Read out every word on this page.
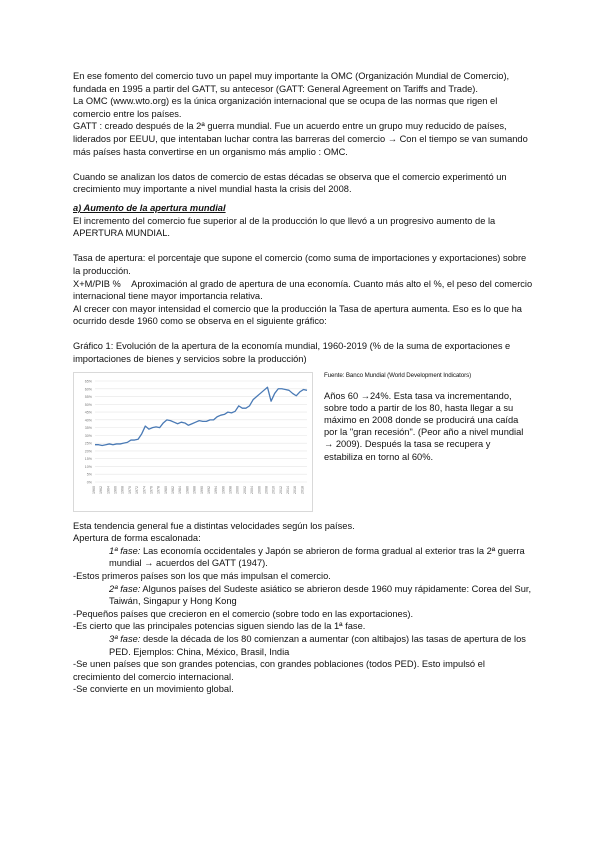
En ese fomento del comercio tuvo un papel muy importante la OMC (Organización Mundial de Comercio), fundada en 1995 a partir del GATT, su antecesor (GATT: General Agreement on Tariffs and Trade).

La OMC (www.wto.org) es la única organización internacional que se ocupa de las normas que rigen el comercio entre los países.

GATT : creado después de la 2ª guerra mundial. Fue un acuerdo entre un grupo muy reducido de países, liderados por EEUU, que intentaban luchar contra las barreras del comercio → Con el tiempo se van sumando más países hasta convertirse en un organismo más amplio : OMC.

Cuando se analizan los datos de comercio de estas décadas se observa que el comercio experimentó un crecimiento muy importante a nivel mundial hasta la crisis del 2008.

a) Aumento de la apertura mundial

El incremento del comercio fue superior al de la producción lo que llevó a un progresivo aumento de la APERTURA MUNDIAL.

Tasa de apertura: el porcentaje que supone el comercio (como suma de importaciones y exportaciones) sobre la producción.

X+M/PIB % Aproximación al grado de apertura de una economía. Cuanto más alto el %, el peso del comercio internacional tiene mayor importancia relativa.

Al crecer con mayor intensidad el comercio que la producción la Tasa de apertura aumenta. Eso es lo que ha ocurrido desde 1960 como se observa en el siguiente gráfico:

Gráfico 1: Evolución de la apertura de la economía mundial, 1960-2019 (% de la suma de exportaciones e importaciones de bienes y servicios sobre la producción)

0%
5%
10%
15%
20%
25%
30%
35%
40%
45%
50%
55%
60%
65%
1960 1962 1964 1966 1968 1970 1972 1974 1976 1978 1980 1982 1984 1986 1988 1990 1992 1994 1996 1998 2000 2002 2004 2006 2008 2010 2012 2014 2016 2018

Fuente: Banco Mundial (World Development Indicators)

Años 60 →24%. Esta tasa va incrementando, sobre todo a partir de los 80, hasta llegar a su máximo en 2008 donde se producirá una caída por la "gran recesión". (Peor año a nivel mundial → 2009). Después la tasa se recupera y estabiliza en torno al 60%.

Esta tendencia general fue a distintas velocidades según los países.

Apertura de forma escalonada:

1ª fase: Las economía occidentales y Japón se abrieron de forma gradual al exterior tras la 2ª guerra mundial → acuerdos del GATT (1947).

-Estos primeros países son los que más impulsan el comercio.

2ª fase: Algunos países del Sudeste asiático se abrieron desde 1960 muy rápidamente: Corea del Sur, Taiwán, Singapur y Hong Kong

-Pequeños países que crecieron en el comercio (sobre todo en las exportaciones).

-Es cierto que las principales potencias siguen siendo las de la 1ª fase.

3ª fase: desde la década de los 80 comienzan a aumentar (con altibajos) las tasas de apertura de los PED. Ejemplos: China, México, Brasil, India

-Se unen países que son grandes potencias, con grandes poblaciones (todos PED). Esto impulsó el crecimiento del comercio internacional.

-Se convierte en un movimiento global.
